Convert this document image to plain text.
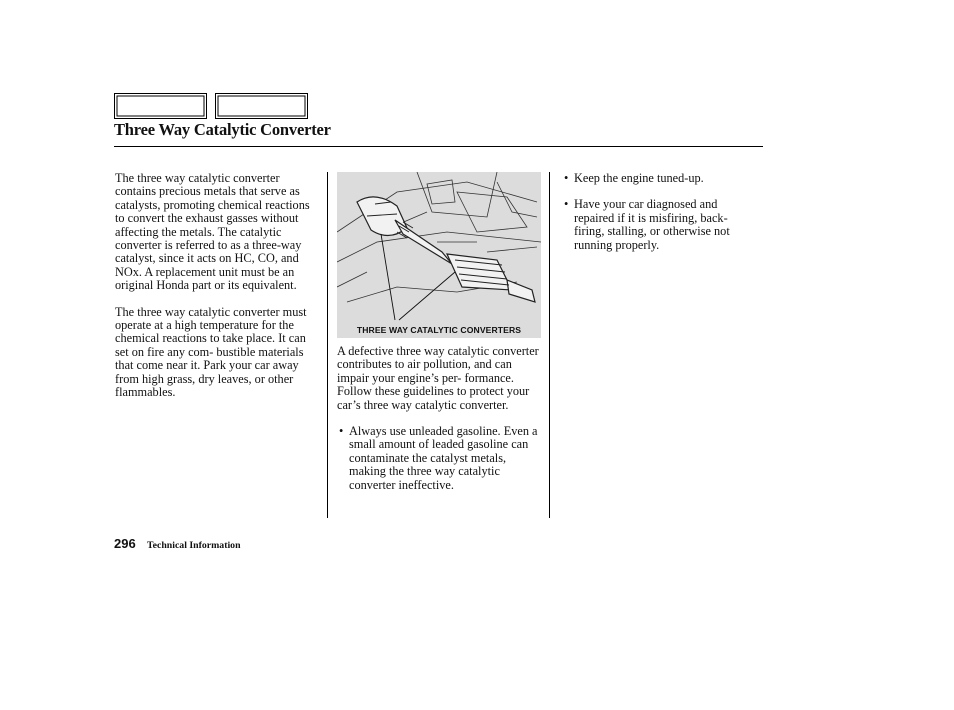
Three Way Catalytic Converter

The three way catalytic converter contains precious metals that serve as catalysts, promoting chemical reactions to convert the exhaust gasses without affecting the metals. The catalytic converter is referred to as a three-way catalyst, since it acts on HC, CO, and NOx. A replacement unit must be an original Honda part or its equivalent.

The three way catalytic converter must operate at a high temperature for the chemical reactions to take place. It can set on fire any com- bustible materials that come near it. Park your car away from high grass, dry leaves, or other flammables.

THREE WAY CATALYTIC CONVERTERS

A defective three way catalytic converter contributes to air pollution, and can impair your engine’s per- formance. Follow these guidelines to protect your car’s three way catalytic converter.

• Always use unleaded gasoline. Even a small amount of leaded gasoline can contaminate the catalyst metals, making the three way catalytic converter ineffective.
• Keep the engine tuned-up.
• Have your car diagnosed and repaired if it is misfiring, back- firing, stalling, or otherwise not running properly.
296 Technical Information
